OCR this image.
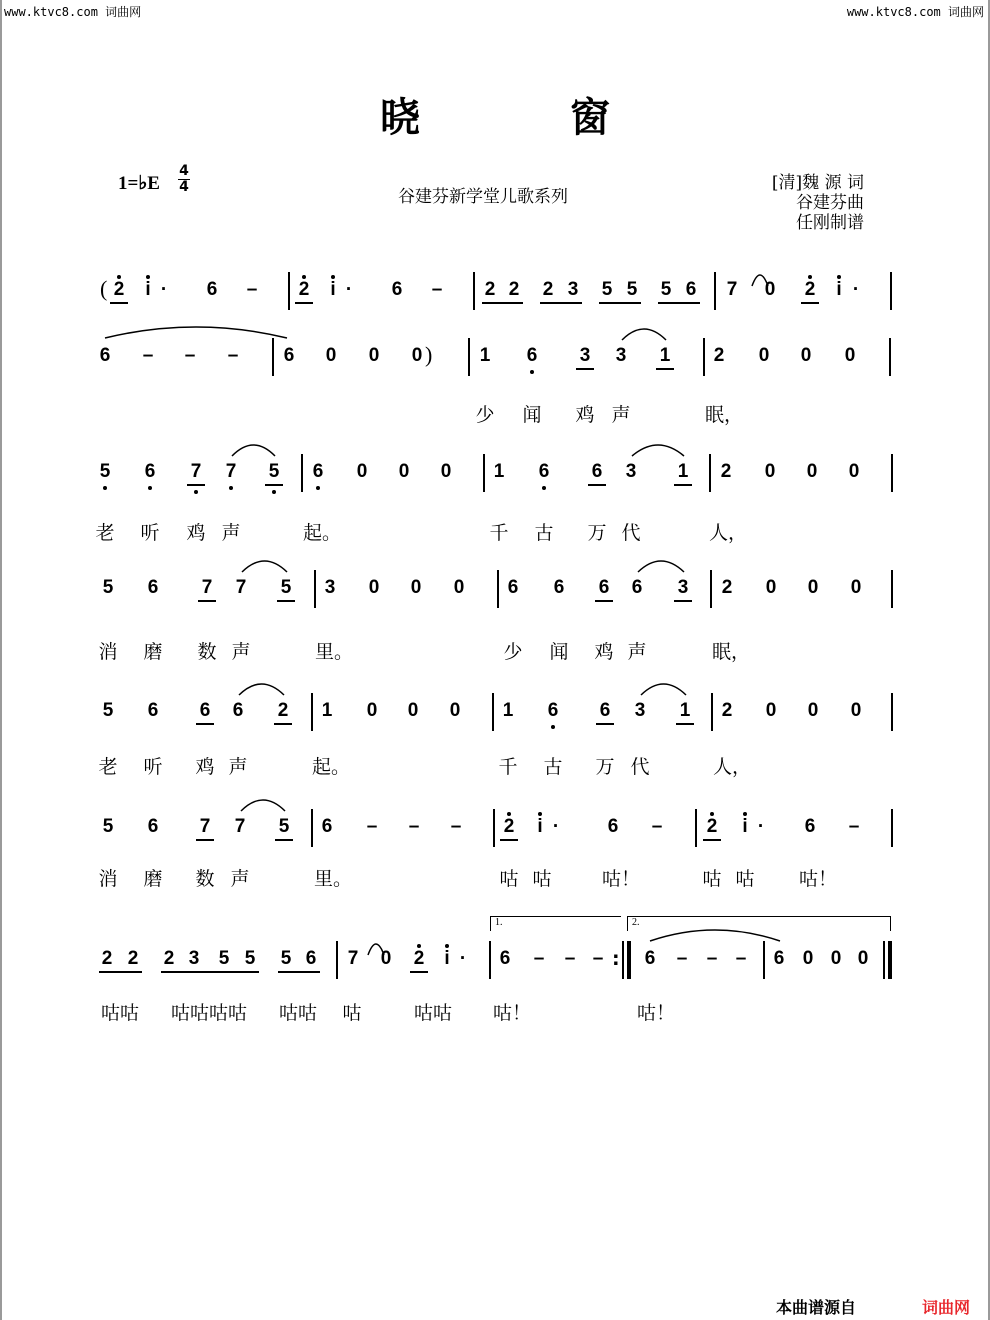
www.ktvc8.com 词曲网	www.ktvc8.com 词曲网
晓	窗
1=♭E
4
4	谷建芬新学堂儿歌系列
[清]魏 源 词
谷建芬曲
任刚制谱
( 2 i · 6 – 2 i · 6 – 2 2 2 3 5 5 5 6 7 0 2 i ·
6 – – – 6 0 0 0 ) 1 6 3 3 1 2 0 0 0
少 闻 鸡 声	眠，
5 6 7 7 5 6 0 0 0 1 6 6 3 1 2 0 0 0
老 听 鸡 声	起。	千 古 万 代	人，
5 6 7 7 5 3 0 0 0 6 6 6 6 3 2 0 0 0
消 磨 数 声	里。	少 闻 鸡 声	眠，
5 6 6 6 2 1 0 0 0 1 6 6 3 1 2 0 0 0
老 听 鸡 声	起。	千 古 万 代	人，
5 6 7 7 5 6 – – – 2 i ·	6 – 2 i · 6 –
消 磨 数 声	里。	咕 咕	咕！	咕 咕 咕！
1.	2.
2 2 2 3 5 5 5 6 7 0 2 i · 6 – – – : 6 – – – 6 0 0 0
咕咕 咕咕咕咕 咕咕 咕	咕咕 咕！	咕！
本曲谱源自	词曲网
